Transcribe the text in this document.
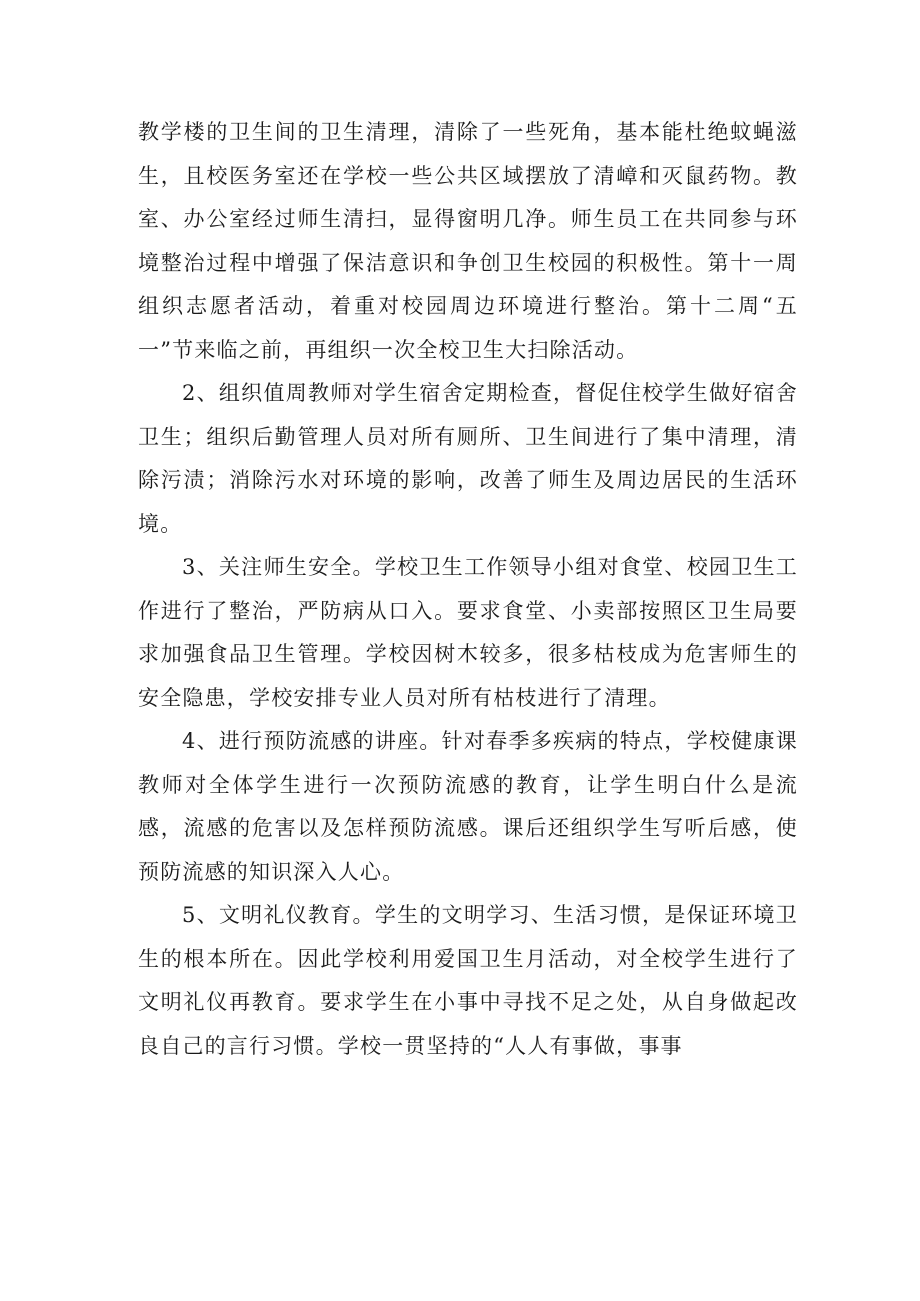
教学楼的卫生间的卫生清理，清除了一些死角，基本能杜绝蚊蝇滋生，且校医务室还在学校一些公共区域摆放了清嶂和灭鼠药物。教室、办公室经过师生清扫，显得窗明几净。师生员工在共同参与环境整治过程中增强了保洁意识和争创卫生校园的积极性。第十一周组织志愿者活动，着重对校园周边环境进行整治。第十二周“五一”节来临之前，再组织一次全校卫生大扫除活动。

2、组织值周教师对学生宿舍定期检查，督促住校学生做好宿舍卫生；组织后勤管理人员对所有厕所、卫生间进行了集中清理，清除污渍；消除污水对环境的影响，改善了师生及周边居民的生活环境。

3、关注师生安全。学校卫生工作领导小组对食堂、校园卫生工作进行了整治，严防病从口入。要求食堂、小卖部按照区卫生局要求加强食品卫生管理。学校因树木较多，很多枯枝成为危害师生的安全隐患，学校安排专业人员对所有枯枝进行了清理。

4、进行预防流感的讲座。针对春季多疾病的特点，学校健康课教师对全体学生进行一次预防流感的教育，让学生明白什么是流感，流感的危害以及怎样预防流感。课后还组织学生写听后感，使预防流感的知识深入人心。

5、文明礼仪教育。学生的文明学习、生活习惯，是保证环境卫生的根本所在。因此学校利用爱国卫生月活动，对全校学生进行了文明礼仪再教育。要求学生在小事中寻找不足之处，从自身做起改良自己的言行习惯。学校一贯坚持的“人人有事做，事事
